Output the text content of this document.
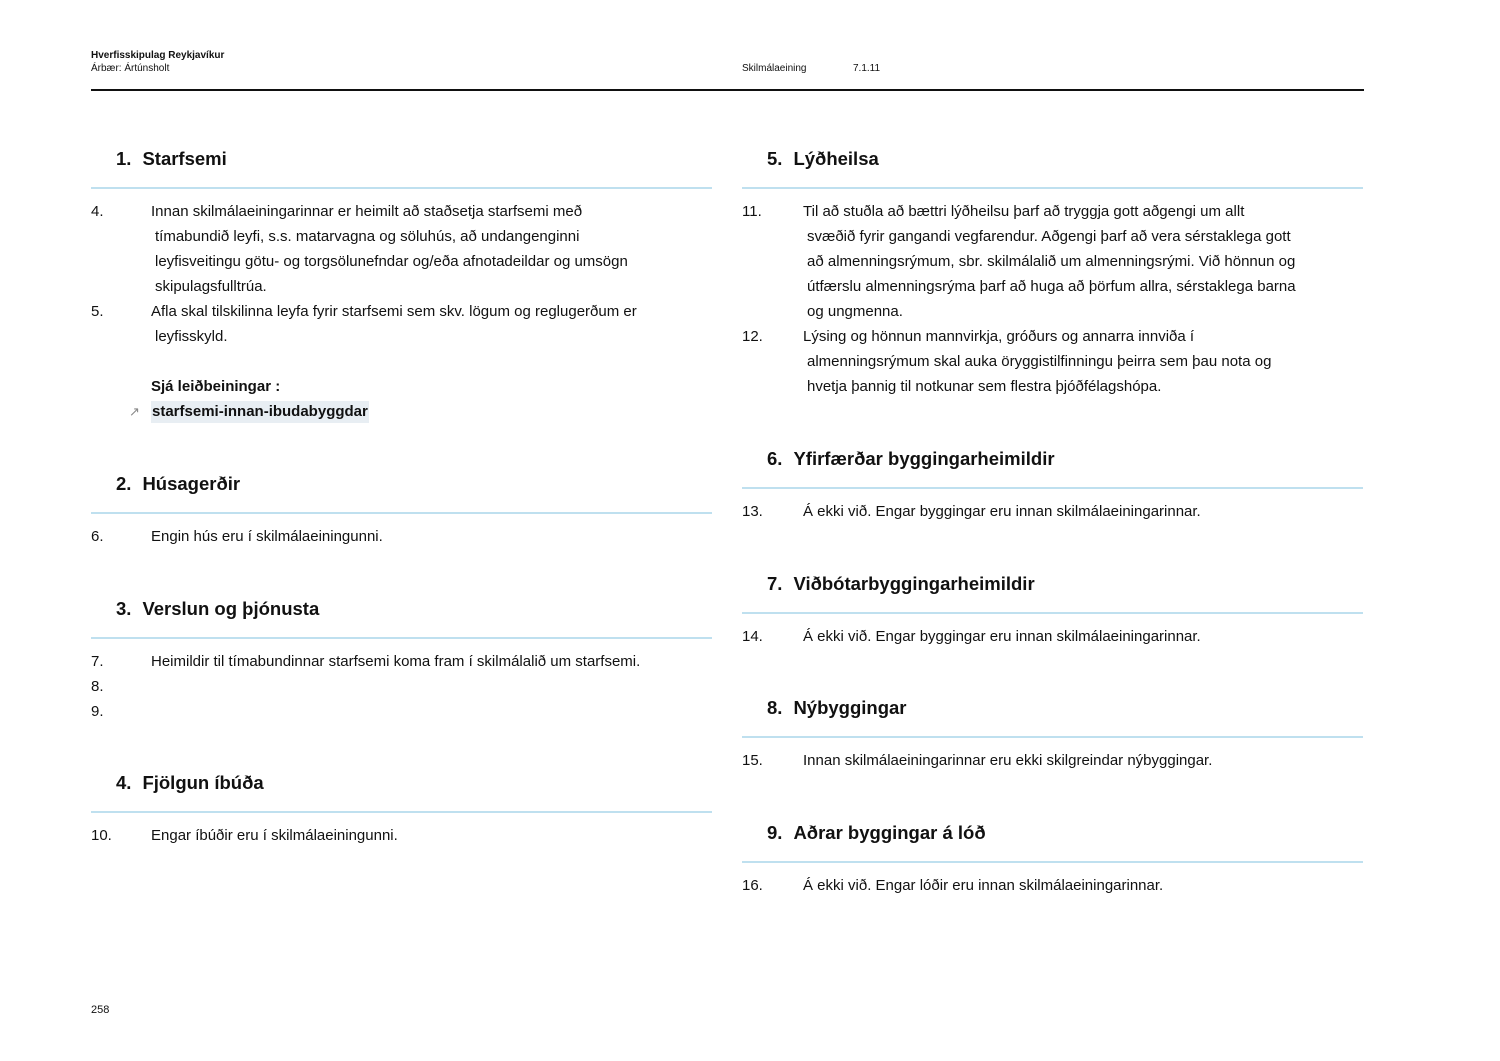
Hverfisskipulag Reykjavíkur
Árbær: Ártúnsholt	Skilmálaeining	7.1.11
258
1. Starfsemi
4.	Innan skilmálaeiningarinnar er heimilt að staðsetja starfsemi með
tímabundið leyfi, s.s. matarvagna og söluhús, að undangenginni
leyfisveitingu götu- og torgsölunefndar og/eða afnotadeildar og umsögn
skipulagsfulltrúa.
5.	Afla skal tilskilinna leyfa fyrir starfsemi sem skv. lögum og reglugerðum er
leyfisskyld.
Sjá leiðbeiningar :
↗ starfsemi-innan-ibudabyggdar
2. Húsagerðir
6.	Engin hús eru í skilmálaeiningunni.
3. Verslun og þjónusta
7.	Heimildir til tímabundinnar starfsemi koma fram í skilmálalið um starfsemi.
8.

9.

4. Fjölgun íbúða
10.	Engar íbúðir eru í skilmálaeiningunni.
5. Lýðheilsa
11.	Til að stuðla að bættri lýðheilsu þarf að tryggja gott aðgengi um allt
svæðið fyrir gangandi vegfarendur. Aðgengi þarf að vera sérstaklega gott
að almenningsrýmum, sbr. skilmálalið um almenningsrými. Við hönnun og
útfærslu almenningsrýma þarf að huga að þörfum allra, sérstaklega barna
og ungmenna.
12.	Lýsing og hönnun mannvirkja, gróðurs og annarra innviða í
almenningsrýmum skal auka öryggistilfinningu þeirra sem þau nota og
hvetja þannig til notkunar sem flestra þjóðfélagshópa.
6. Yfirfærðar byggingarheimildir
13.	Á ekki við. Engar byggingar eru innan skilmálaeiningarinnar.
7. Viðbótarbyggingarheimildir
14.	Á ekki við. Engar byggingar eru innan skilmálaeiningarinnar.
8. Nýbyggingar
15.	Innan skilmálaeiningarinnar eru ekki skilgreindar nýbyggingar.
9. Aðrar byggingar á lóð
16.	Á ekki við. Engar lóðir eru innan skilmálaeiningarinnar.
